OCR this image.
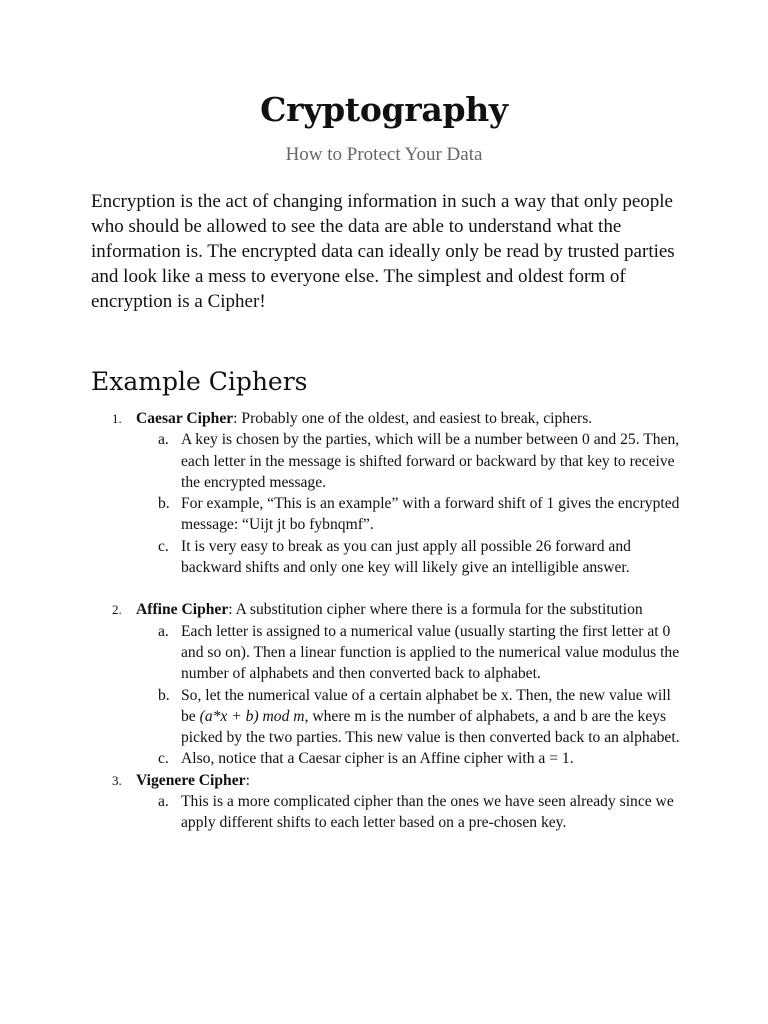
Cryptography

How to Protect Your Data

Encryption is the act of changing information in such a way that only people who should be allowed to see the data are able to understand what the information is. The encrypted data can ideally only be read by trusted parties and look like a mess to everyone else. The simplest and oldest form of encryption is a Cipher!

Example Ciphers
1. Caesar Cipher: Probably one of the oldest, and easiest to break, ciphers.
a. A key is chosen by the parties, which will be a number between 0 and 25. Then, each letter in the message is shifted forward or backward by that key to receive the encrypted message.
b. For example, “This is an example” with a forward shift of 1 gives the encrypted message: “Uijt jt bo fybnqmf”.
c. It is very easy to break as you can just apply all possible 26 forward and backward shifts and only one key will likely give an intelligible answer.
2. Affine Cipher: A substitution cipher where there is a formula for the substitution
a. Each letter is assigned to a numerical value (usually starting the first letter at 0 and so on). Then a linear function is applied to the numerical value modulus the number of alphabets and then converted back to alphabet.
b. So, let the numerical value of a certain alphabet be x. Then, the new value will be (a*x + b) mod m, where m is the number of alphabets, a and b are the keys picked by the two parties. This new value is then converted back to an alphabet.
c. Also, notice that a Caesar cipher is an Affine cipher with a = 1.
3. Vigenere Cipher:
a. This is a more complicated cipher than the ones we have seen already since we apply different shifts to each letter based on a pre-chosen key.
